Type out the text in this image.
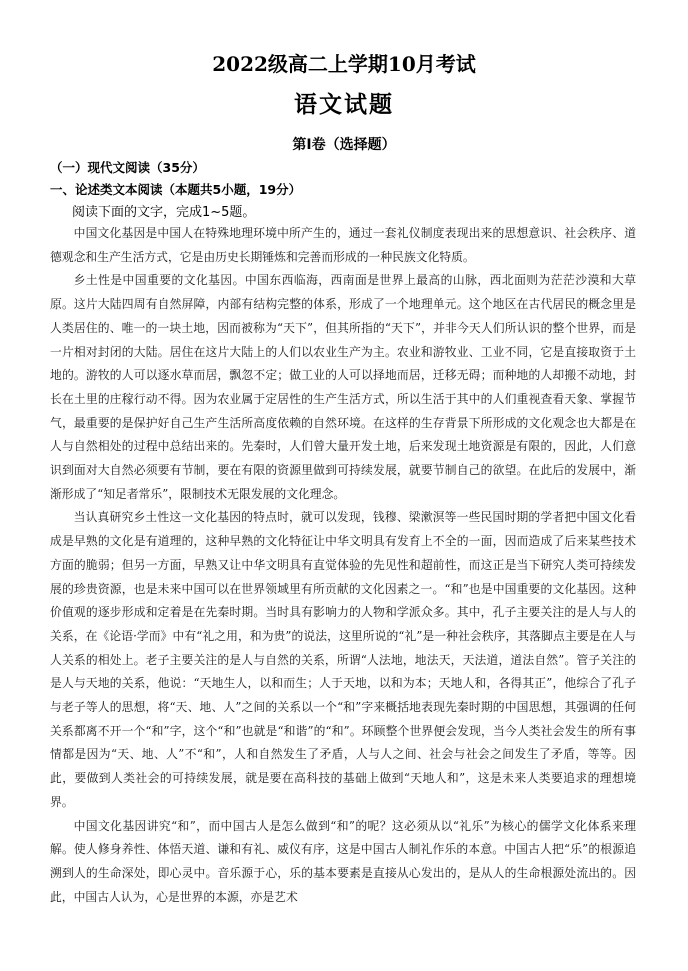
2022级高二上学期10月考试
语文试题
第Ⅰ卷（选择题）
（一）现代文阅读（35分）
一、论述类文本阅读（本题共5小题，19分）
阅读下面的文字，完成1~5题。

中国文化基因是中国人在特殊地理环境中所产生的，通过一套礼仪制度表现出来的思想意识、社会秩序、道德观念和生产生活方式，它是由历史长期锤炼和完善而形成的一种民族文化特质。

乡土性是中国重要的文化基因。中国东西临海，西南面是世界上最高的山脉，西北面则为茫茫沙漠和大草原。这片大陆四周有自然屏障，内部有结构完整的体系，形成了一个地理单元。这个地区在古代居民的概念里是人类居住的、唯一的一块土地，因而被称为“天下”，但其所指的“天下”，并非今天人们所认识的整个世界，而是一片相对封闭的大陆。居住在这片大陆上的人们以农业生产为主。农业和游牧业、工业不同，它是直接取资于土地的。游牧的人可以逐水草而居，飘忽不定；做工业的人可以择地而居，迁移无碍；而种地的人却搬不动地，封长在土里的庄稼行动不得。因为农业属于定居性的生产生活方式，所以生活于其中的人们重视查看天象、掌握节气，最重要的是保护好自己生产生活所高度依赖的自然环境。在这样的生存背景下所形成的文化观念也大都是在人与自然相处的过程中总结出来的。先秦时，人们曾大量开发土地，后来发现土地资源是有限的，因此，人们意识到面对大自然必须要有节制，要在有限的资源里做到可持续发展，就要节制自己的欲望。在此后的发展中，渐渐形成了“知足者常乐”，限制技术无限发展的文化理念。

当认真研究乡土性这一文化基因的特点时，就可以发现，钱穆、梁漱溟等一些民国时期的学者把中国文化看成是早熟的文化是有道理的，这种早熟的文化特征让中华文明具有发育上不全的一面，因而造成了后来某些技术方面的脆弱；但另一方面，早熟又让中华文明具有直觉体验的先见性和超前性，而这正是当下研究人类可持续发展的珍贵资源，也是未来中国可以在世界领域里有所贡献的文化因素之一。“和”也是中国重要的文化基因。这种价值观的逐步形成和定着是在先秦时期。当时具有影响力的人物和学派众多。其中，孔子主要关注的是人与人的关系，在《论语·学而》中有“礼之用，和为贵”的说法，这里所说的“礼”是一种社会秩序，其落脚点主要是在人与人关系的相处上。老子主要关注的是人与自然的关系，所谓“人法地，地法天，天法道，道法自然”。管子关注的是人与天地的关系，他说：“天地生人，以和而生；人于天地，以和为本；天地人和，各得其正”，他综合了孔子与老子等人的思想，将“天、地、人”之间的关系以一个“和”字来概括地表现先秦时期的中国思想，其强调的任何关系都离不开一个“和”字，这个“和”也就是“和谐”的“和”。环顾整个世界便会发现，当今人类社会发生的所有事情都是因为“天、地、人”不“和”，人和自然发生了矛盾，人与人之间、社会与社会之间发生了矛盾，等等。因此，要做到人类社会的可持续发展，就是要在高科技的基础上做到“天地人和”，这是未来人类要追求的理想境界。

中国文化基因讲究“和”，而中国古人是怎么做到“和”的呢？这必须从以“礼乐”为核心的儒学文化体系来理解。使人修身养性、体悟天道、谦和有礼、威仪有序，这是中国古人制礼作乐的本意。中国古人把“乐”的根源追溯到人的生命深处，即心灵中。音乐源于心，乐的基本要素是直接从心发出的，是从人的生命根源处流出的。因此，中国古人认为，心是世界的本源，亦是艺术
